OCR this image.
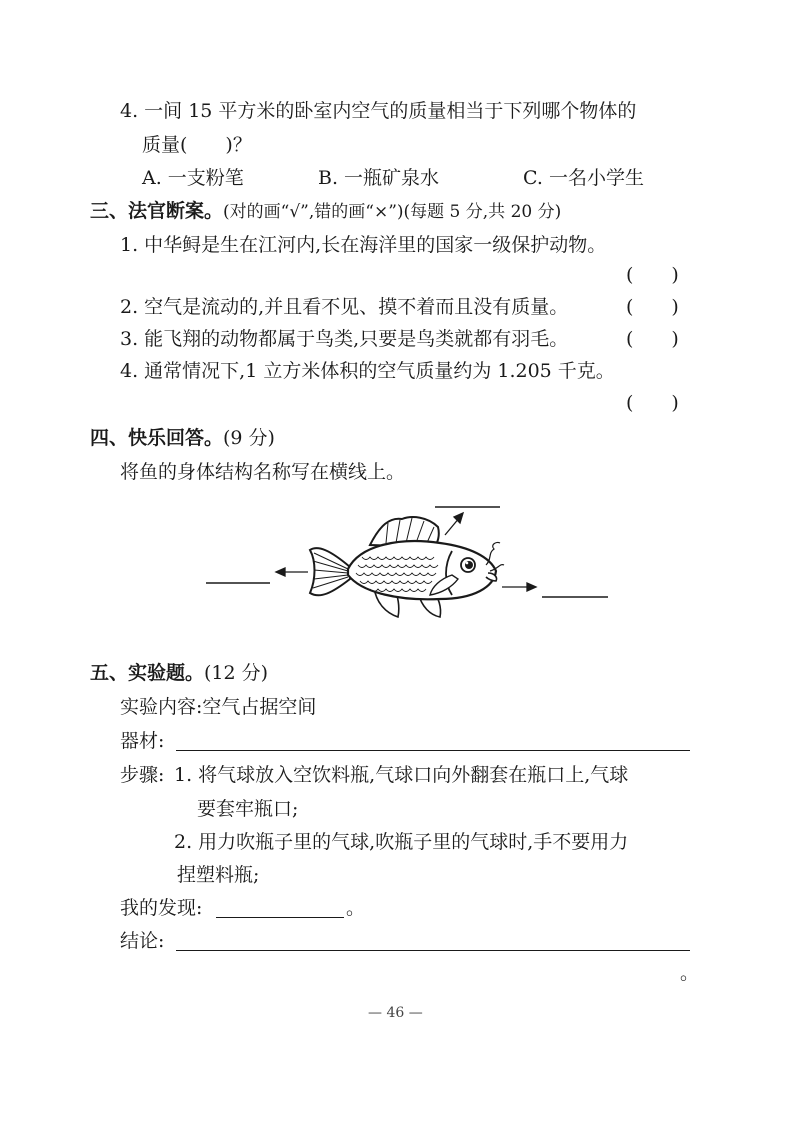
4. 一间 15 平方米的卧室内空气的质量相当于下列哪个物体的
质量(　　)？
A. 一支粉笔	B. 一瓶矿泉水	C. 一名小学生
三、法官断案。(对的画“√”,错的画“×”)(每题 5 分,共 20 分)
1. 中华鲟是生在江河内,长在海洋里的国家一级保护动物。
(　　)
2. 空气是流动的,并且看不见、摸不着而且没有质量。	(　　)
3. 能飞翔的动物都属于鸟类,只要是鸟类就都有羽毛。	(　　)
4. 通常情况下,1 立方米体积的空气质量约为 1.205 千克。
(　　)
四、快乐回答。(9 分)
将鱼的身体结构名称写在横线上。
五、实验题。(12 分)
实验内容:空气占据空间
器材:
步骤: 1. 将气球放入空饮料瓶,气球口向外翻套在瓶口上,气球
要套牢瓶口;
2. 用力吹瓶子里的气球,吹瓶子里的气球时,手不要用力
捏塑料瓶;
我的发现:	。
结论:
。
— 46 —
